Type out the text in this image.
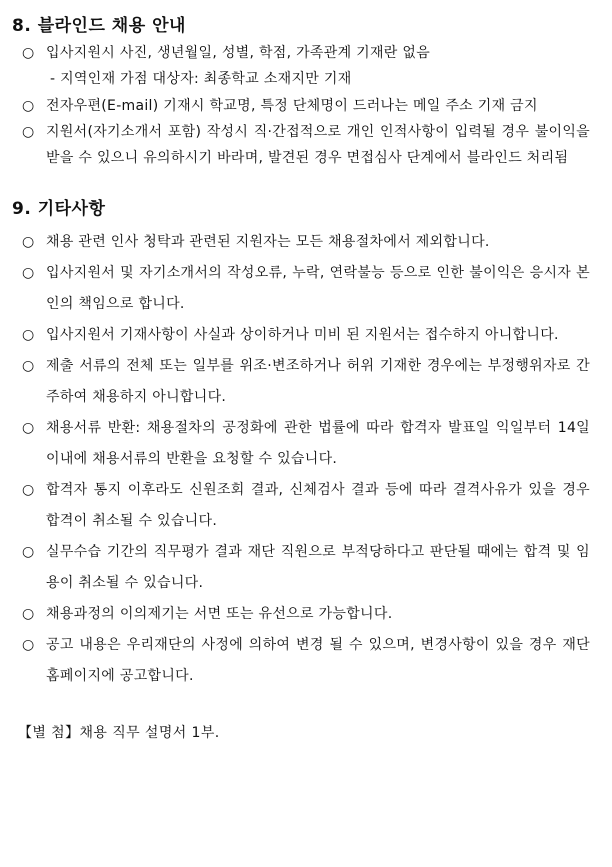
8. 블라인드 채용 안내
○ 입사지원시 사진, 생년월일, 성별, 학점, 가족관계 기재란 없음
- 지역인재 가점 대상자: 최종학교 소재지만 기재
○ 전자우편(E-mail) 기재시 학교명, 특정 단체명이 드러나는 메일 주소 기재 금지
○ 지원서(자기소개서 포함) 작성시 직·간접적으로 개인 인적사항이 입력될 경우 불이익을 받을 수 있으니 유의하시기 바라며, 발견된 경우 면접심사 단계에서 블라인드 처리됨
9. 기타사항
○ 채용 관련 인사 청탁과 관련된 지원자는 모든 채용절차에서 제외합니다.
○ 입사지원서 및 자기소개서의 작성오류, 누락, 연락불능 등으로 인한 불이익은 응시자 본인의 책임으로 합니다.
○ 입사지원서 기재사항이 사실과 상이하거나 미비 된 지원서는 접수하지 아니합니다.
○ 제출 서류의 전체 또는 일부를 위조·변조하거나 허위 기재한 경우에는 부정행위자로 간주하여 채용하지 아니합니다.
○ 채용서류 반환: 채용절차의 공정화에 관한 법률에 따라 합격자 발표일 익일부터 14일 이내에 채용서류의 반환을 요청할 수 있습니다.
○ 합격자 통지 이후라도 신원조회 결과, 신체검사 결과 등에 따라 결격사유가 있을 경우 합격이 취소될 수 있습니다.
○ 실무수습 기간의 직무평가 결과 재단 직원으로 부적당하다고 판단될 때에는 합격 및 임용이 취소될 수 있습니다.
○ 채용과정의 이의제기는 서면 또는 유선으로 가능합니다.
○ 공고 내용은 우리재단의 사정에 의하여 변경 될 수 있으며, 변경사항이 있을 경우 재단 홈페이지에 공고합니다.

【별 첨】채용 직무 설명서 1부.
